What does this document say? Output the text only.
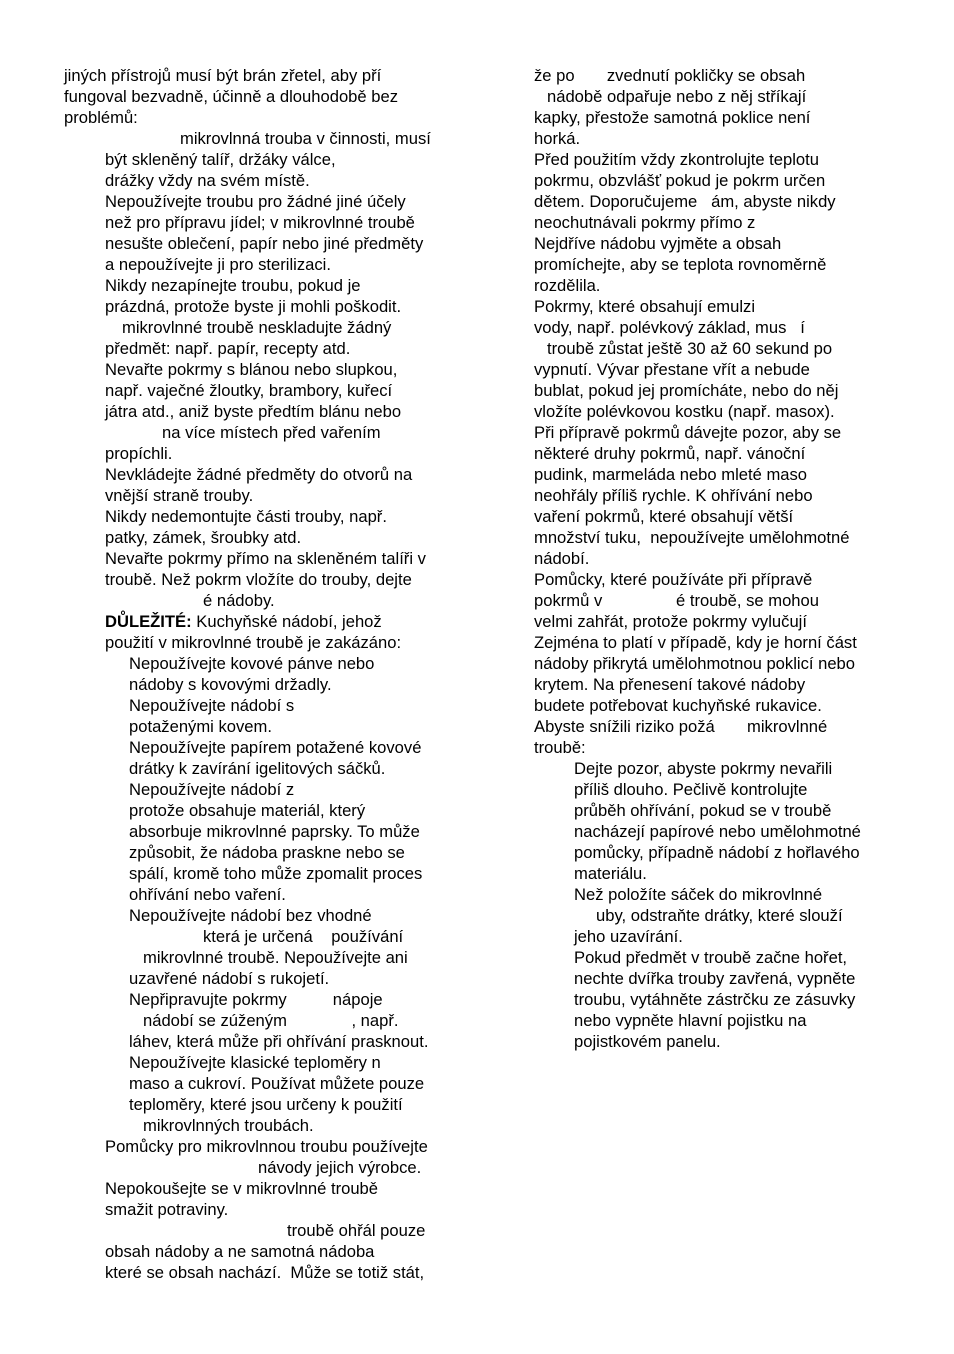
jiných přístrojů musí být brán zřetel, aby pří
fungoval bezvadně, účinně a dlouhodobě bez
problémů:
mikrovlnná trouba v činnosti, musí
být skleněný talíř, držáky válce,
drážky vždy na svém místě.
Nepoužívejte troubu pro žádné jiné účely
než pro přípravu jídel; v mikrovlnné troubě
nesušte oblečení, papír nebo jiné předměty
a nepoužívejte ji pro sterilizaci.
Nikdy nezapínejte troubu, pokud je
prázdná, protože byste ji mohli poškodit.
mikrovlnné troubě neskladujte žádný
předmět: např. papír, recepty atd.
Nevařte pokrmy s blánou nebo slupkou,
např. vaječné žloutky, brambory, kuřecí
játra atd., aniž byste předtím blánu nebo
na více místech před vařením
propíchli.
Nevkládejte žádné předměty do otvorů na
vnější straně trouby.
Nikdy nedemontujte části trouby, např.
patky, zámek, šroubky atd.
Nevařte pokrmy přímo na skleněném talíři v
troubě. Než pokrm vložíte do trouby, dejte
é nádoby.
DŮLEŽITÉ: Kuchyňské nádobí, jehož
použití v mikrovlnné troubě je zakázáno:
Nepoužívejte kovové pánve nebo
nádoby s kovovými držadly.
Nepoužívejte nádobí s
potaženými kovem.
Nepoužívejte papírem potažené kovové
drátky k zavírání igelitových sáčků.
Nepoužívejte nádobí z
protože obsahuje materiál, který
absorbuje mikrovlnné paprsky. To může
způsobit, že nádoba praskne nebo se
spálí, kromě toho může zpomalit proces
ohřívání nebo vaření.
Nepoužívejte nádobí bez vhodné
která je určená    používání
mikrovlnné troubě. Nepoužívejte ani
uzavřené nádobí s rukojetí.
Nepřipravujte pokrmy          nápoje
nádobí se zúženým              , např.
láhev, která může při ohřívání prasknout.
Nepoužívejte klasické teploměry n
maso a cukroví. Používat můžete pouze
teploměry, které jsou určeny k použití
mikrovlnných troubách.
Pomůcky pro mikrovlnnou troubu používejte
návody jejich výrobce.
Nepokoušejte se v mikrovlnné troubě
smažit potraviny.
troubě ohřál pouze
obsah nádoby a ne samotná nádoba
které se obsah nachází.  Může se totiž stát,
že po       zvednutí pokličky se obsah
nádobě odpařuje nebo z něj stříkají
kapky, přestože samotná poklice není
horká.
Před použitím vždy zkontrolujte teplotu
pokrmu, obzvlášť pokud je pokrm určen
dětem. Doporučujeme   ám, abyste nikdy
neochutnávali pokrmy přímo z
Nejdříve nádobu vyjměte a obsah
promíchejte, aby se teplota rovnoměrně
rozdělila.
Pokrmy, které obsahují emulzi
vody, např. polévkový základ, mus   í
troubě zůstat ještě 30 až 60 sekund po
vypnutí. Vývar přestane vřít a nebude
bublat, pokud jej promícháte, nebo do něj
vložíte polévkovou kostku (např. masox).
Při přípravě pokrmů dávejte pozor, aby se
některé druhy pokrmů, např. vánoční
pudink, marmeláda nebo mleté maso
neohřály příliš rychle. K ohřívání nebo
vaření pokrmů, které obsahují větší
množství tuku,  nepoužívejte umělohmotné
nádobí.
Pomůcky, které používáte při přípravě
pokrmů v                é troubě, se mohou
velmi zahřát, protože pokrmy vylučují
Zejména to platí v případě, kdy je horní část
nádoby přikrytá umělohmotnou poklicí nebo
krytem. Na přenesení takové nádoby
budete potřebovat kuchyňské rukavice.
Abyste snížili riziko požá       mikrovlnné
troubě:
Dejte pozor, abyste pokrmy nevařili
příliš dlouho. Pečlivě kontrolujte
průběh ohřívání, pokud se v troubě
nacházejí papírové nebo umělohmotné
pomůcky, případně nádobí z hořlavého
materiálu.
Než položíte sáček do mikrovlnné
uby, odstraňte drátky, které slouží
jeho uzavírání.
Pokud předmět v troubě začne hořet,
nechte dvířka trouby zavřená, vypněte
troubu, vytáhněte zástrčku ze zásuvky
nebo vypněte hlavní pojistku na
pojistkovém panelu.
